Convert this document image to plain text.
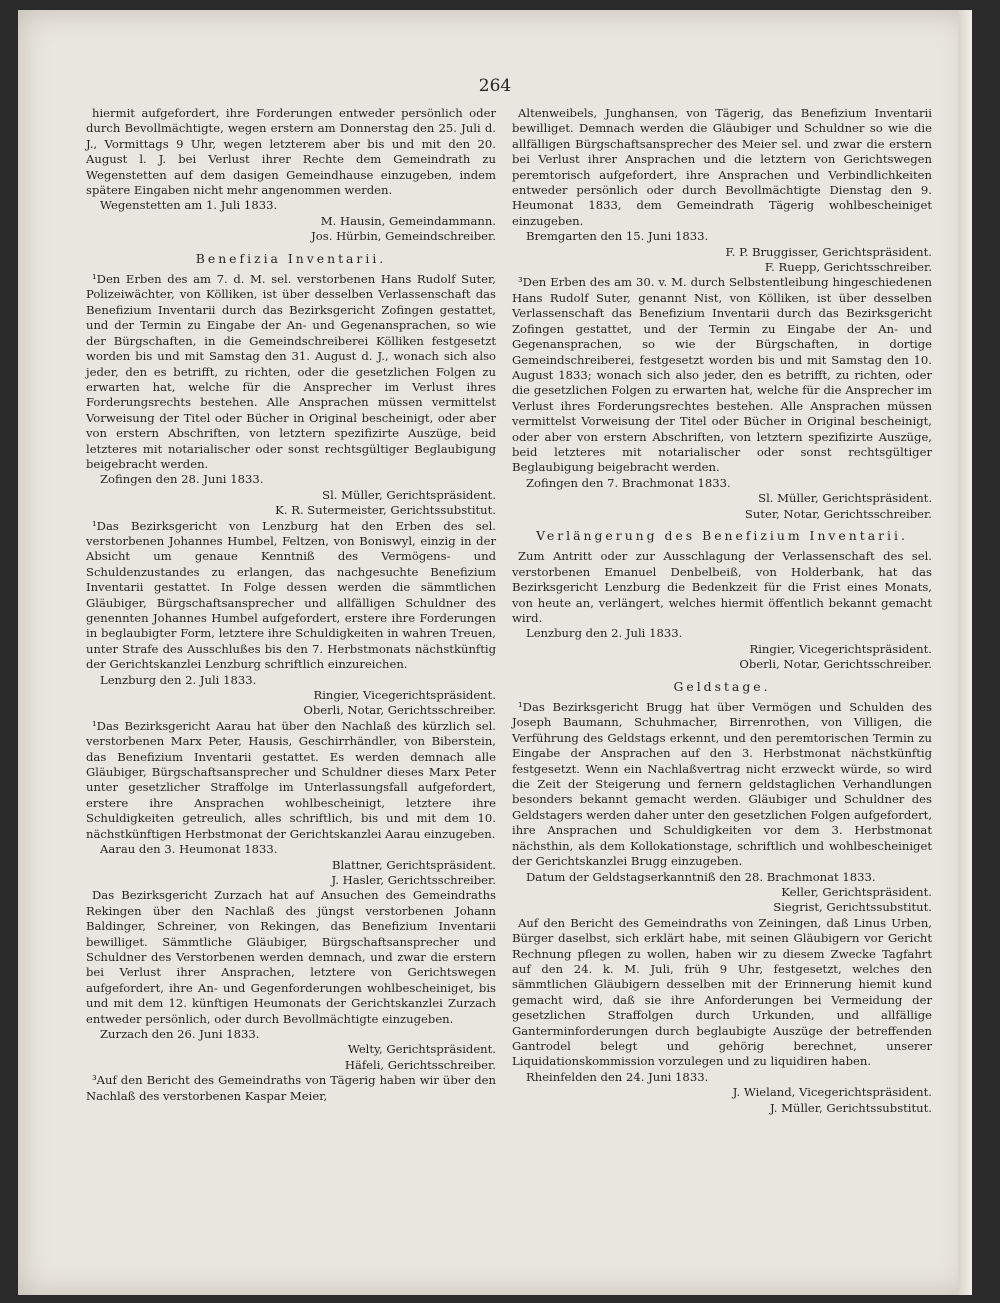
264

hiermit aufgefordert, ihre Forderungen entweder persönlich oder durch Bevollmächtigte, wegen erstern am Donnerstag den 25. Juli d. J., Vormittags 9 Uhr, wegen letzterem aber bis und mit den 20. August l. J. bei Verlust ihrer Rechte dem Gemeindrath zu Wegenstetten auf dem dasigen Gemeindhause einzugeben, indem spätere Eingaben nicht mehr angenommen werden.

Wegenstetten am 1. Juli 1833.

M. Hausin, Gemeindammann.

Jos. Hürbin, Gemeindschreiber.

Benefizia Inventarii.

¹Den Erben des am 7. d. M. sel. verstorbenen Hans Rudolf Suter, Polizeiwächter, von Kölliken, ist über desselben Verlassenschaft das Benefizium Inventarii durch das Bezirksgericht Zofingen gestattet, und der Termin zu Eingabe der An- und Gegenansprachen, so wie der Bürgschaften, in die Gemeindschreiberei Kölliken festgesetzt worden bis und mit Samstag den 31. August d. J., wonach sich also jeder, den es betrifft, zu richten, oder die gesetzlichen Folgen zu erwarten hat, welche für die Ansprecher im Verlust ihres Forderungsrechts bestehen. Alle Ansprachen müssen vermittelst Vorweisung der Titel oder Bücher in Original bescheinigt, oder aber von erstern Abschriften, von letztern spezifizirte Auszüge, beid letzteres mit notarialischer oder sonst rechtsgültiger Beglaubigung beigebracht werden.

Zofingen den 28. Juni 1833.

Sl. Müller, Gerichtspräsident.

K. R. Sutermeister, Gerichtssubstitut.

¹Das Bezirksgericht von Lenzburg hat den Erben des sel. verstorbenen Johannes Humbel, Feltzen, von Boniswyl, einzig in der Absicht um genaue Kenntniß des Vermögens- und Schuldenzustandes zu erlangen, das nachgesuchte Benefizium Inventarii gestattet. In Folge dessen werden die sämmtlichen Gläubiger, Bürgschaftsansprecher und allfälligen Schuldner des genennten Johannes Humbel aufgefordert, erstere ihre Forderungen in beglaubigter Form, letztere ihre Schuldigkeiten in wahren Treuen, unter Strafe des Ausschlußes bis den 7. Herbstmonats nächstkünftig der Gerichtskanzlei Lenzburg schriftlich einzureichen.

Lenzburg den 2. Juli 1833.

Ringier, Vicegerichtspräsident.

Oberli, Notar, Gerichtsschreiber.

¹Das Bezirksgericht Aarau hat über den Nachlaß des kürzlich sel. verstorbenen Marx Peter, Hausis, Geschirrhändler, von Biberstein, das Benefizium Inventarii gestattet. Es werden demnach alle Gläubiger, Bürgschaftsansprecher und Schuldner dieses Marx Peter unter gesetzlicher Straffolge im Unterlassungsfall aufgefordert, erstere ihre Ansprachen wohlbescheinigt, letztere ihre Schuldigkeiten getreulich, alles schriftlich, bis und mit dem 10. nächstkünftigen Herbstmonat der Gerichtskanzlei Aarau einzugeben.

Aarau den 3. Heumonat 1833.

Blattner, Gerichtspräsident.

J. Hasler, Gerichtsschreiber.

Das Bezirksgericht Zurzach hat auf Ansuchen des Gemeindraths Rekingen über den Nachlaß des jüngst verstorbenen Johann Baldinger, Schreiner, von Rekingen, das Benefizium Inventarii bewilliget. Sämmtliche Gläubiger, Bürgschaftsansprecher und Schuldner des Verstorbenen werden demnach, und zwar die erstern bei Verlust ihrer Ansprachen, letztere von Gerichtswegen aufgefordert, ihre An- und Gegenforderungen wohlbescheiniget, bis und mit dem 12. künftigen Heumonats der Gerichtskanzlei Zurzach entweder persönlich, oder durch Bevollmächtigte einzugeben.

Zurzach den 26. Juni 1833.

Welty, Gerichtspräsident.

Häfeli, Gerichtsschreiber.

³Auf den Bericht des Gemeindraths von Tägerig haben wir über den Nachlaß des verstorbenen Kaspar Meier,

Altenweibels, Junghansen, von Tägerig, das Benefizium Inventarii bewilliget. Demnach werden die Gläubiger und Schuldner so wie die allfälligen Bürgschaftsansprecher des Meier sel. und zwar die erstern bei Verlust ihrer Ansprachen und die letztern von Gerichtswegen peremtorisch aufgefordert, ihre Ansprachen und Verbindlichkeiten entweder persönlich oder durch Bevollmächtigte Dienstag den 9. Heumonat 1833, dem Gemeindrath Tägerig wohlbescheiniget einzugeben.

Bremgarten den 15. Juni 1833.

F. P. Bruggisser, Gerichtspräsident.

F. Ruepp, Gerichtsschreiber.

³Den Erben des am 30. v. M. durch Selbstentleibung hingeschiedenen Hans Rudolf Suter, genannt Nist, von Kölliken, ist über desselben Verlassenschaft das Benefizium Inventarii durch das Bezirksgericht Zofingen gestattet, und der Termin zu Eingabe der An- und Gegenansprachen, so wie der Bürgschaften, in dortige Gemeindschreiberei, festgesetzt worden bis und mit Samstag den 10. August 1833; wonach sich also jeder, den es betrifft, zu richten, oder die gesetzlichen Folgen zu erwarten hat, welche für die Ansprecher im Verlust ihres Forderungsrechtes bestehen. Alle Ansprachen müssen vermittelst Vorweisung der Titel oder Bücher in Original bescheinigt, oder aber von erstern Abschriften, von letztern spezifizirte Auszüge, beid letzteres mit notarialischer oder sonst rechtsgültiger Beglaubigung beigebracht werden.

Zofingen den 7. Brachmonat 1833.

Sl. Müller, Gerichtspräsident.

Suter, Notar, Gerichtsschreiber.

Verlängerung des Benefizium Inventarii.

Zum Antritt oder zur Ausschlagung der Verlassenschaft des sel. verstorbenen Emanuel Denbelbeiß, von Holderbank, hat das Bezirksgericht Lenzburg die Bedenkzeit für die Frist eines Monats, von heute an, verlängert, welches hiermit öffentlich bekannt gemacht wird.

Lenzburg den 2. Juli 1833.

Ringier, Vicegerichtspräsident.

Oberli, Notar, Gerichtsschreiber.

Geldstage.

¹Das Bezirksgericht Brugg hat über Vermögen und Schulden des Joseph Baumann, Schuhmacher, Birrenrothen, von Villigen, die Verführung des Geldstags erkennt, und den peremtorischen Termin zu Eingabe der Ansprachen auf den 3. Herbstmonat nächstkünftig festgesetzt. Wenn ein Nachlaßvertrag nicht erzweckt würde, so wird die Zeit der Steigerung und fernern geldstaglichen Verhandlungen besonders bekannt gemacht werden. Gläubiger und Schuldner des Geldstagers werden daher unter den gesetzlichen Folgen aufgefordert, ihre Ansprachen und Schuldigkeiten vor dem 3. Herbstmonat nächsthin, als dem Kollokationstage, schriftlich und wohlbescheiniget der Gerichtskanzlei Brugg einzugeben.

Datum der Geldstagserkanntniß den 28. Brachmonat 1833.

Keller, Gerichtspräsident.

Siegrist, Gerichtssubstitut.

Auf den Bericht des Gemeindraths von Zeiningen, daß Linus Urben, Bürger daselbst, sich erklärt habe, mit seinen Gläubigern vor Gericht Rechnung pflegen zu wollen, haben wir zu diesem Zwecke Tagfahrt auf den 24. k. M. Juli, früh 9 Uhr, festgesetzt, welches den sämmtlichen Gläubigern desselben mit der Erinnerung hiemit kund gemacht wird, daß sie ihre Anforderungen bei Vermeidung der gesetzlichen Straffolgen durch Urkunden, und allfällige Ganterminforderungen durch beglaubigte Auszüge der betreffenden Gantrodel belegt und gehörig berechnet, unserer Liquidationskommission vorzulegen und zu liquidiren haben.

Rheinfelden den 24. Juni 1833.

J. Wieland, Vicegerichtspräsident.

J. Müller, Gerichtssubstitut.
